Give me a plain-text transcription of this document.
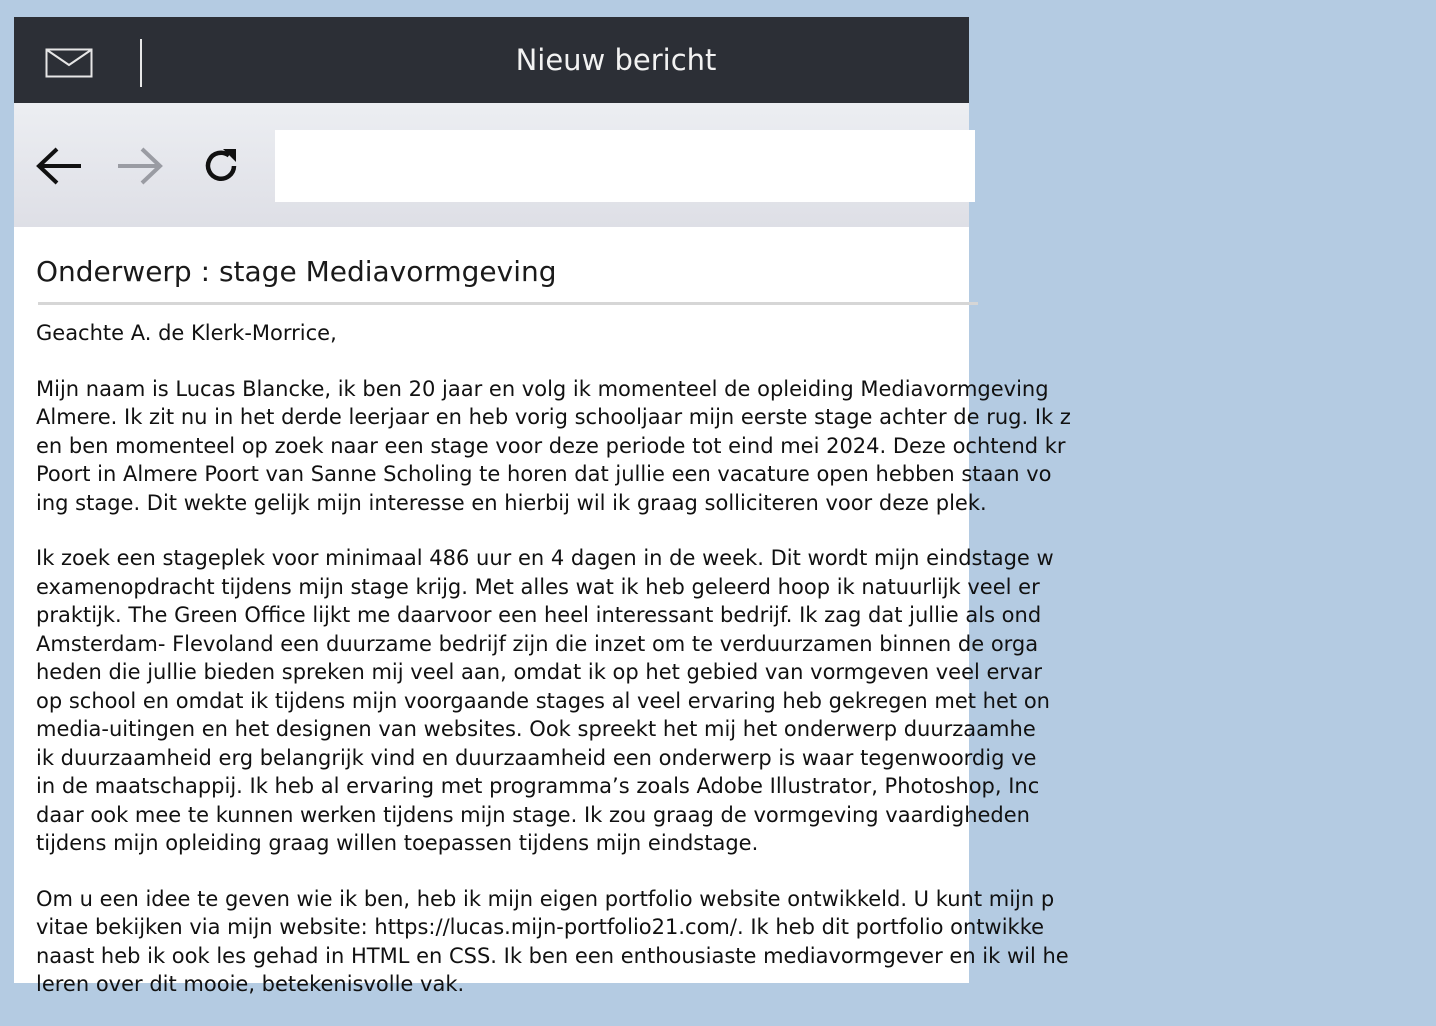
Nieuw bericht
Onderwerp : stage Mediavormgeving

Geachte A. de Klerk-Morrice,

Mijn naam is Lucas Blancke, ik ben 20 jaar en volg ik momenteel de opleiding Mediavormgeving
Almere. Ik zit nu in het derde leerjaar en heb vorig schooljaar mijn eerste stage achter de rug. Ik z
en ben momenteel op zoek naar een stage voor deze periode tot eind mei 2024. Deze ochtend kr
Poort in Almere Poort van Sanne Scholing te horen dat jullie een vacature open hebben staan vo
ing stage. Dit wekte gelijk mijn interesse en hierbij wil ik graag solliciteren voor deze plek.

Ik zoek een stageplek voor minimaal 486 uur en 4 dagen in de week. Dit wordt mijn eindstage w
examenopdracht tijdens mijn stage krijg. Met alles wat ik heb geleerd hoop ik natuurlijk veel er
praktijk. The Green Office lijkt me daarvoor een heel interessant bedrijf. Ik zag dat jullie als ond
Amsterdam- Flevoland een duurzame bedrijf zijn die inzet om te verduurzamen binnen de orga
heden die jullie bieden spreken mij veel aan, omdat ik op het gebied van vormgeven veel ervar
op school en omdat ik tijdens mijn voorgaande stages al veel ervaring heb gekregen met het on
media-uitingen en het designen van websites. Ook spreekt het mij het onderwerp duurzaamhe
ik duurzaamheid erg belangrijk vind en duurzaamheid een onderwerp is waar tegenwoordig ve
in de maatschappij. Ik heb al ervaring met programma’s zoals Adobe Illustrator, Photoshop, Inc
daar ook mee te kunnen werken tijdens mijn stage. Ik zou graag de vormgeving vaardigheden
tijdens mijn opleiding graag willen toepassen tijdens mijn eindstage.

Om u een idee te geven wie ik ben, heb ik mijn eigen portfolio website ontwikkeld. U kunt mijn p
vitae bekijken via mijn website: https://lucas.mijn-portfolio21.com/. Ik heb dit portfolio ontwikke
naast heb ik ook les gehad in HTML en CSS. Ik ben een enthousiaste mediavormgever en ik wil he
leren over dit mooie, betekenisvolle vak.
